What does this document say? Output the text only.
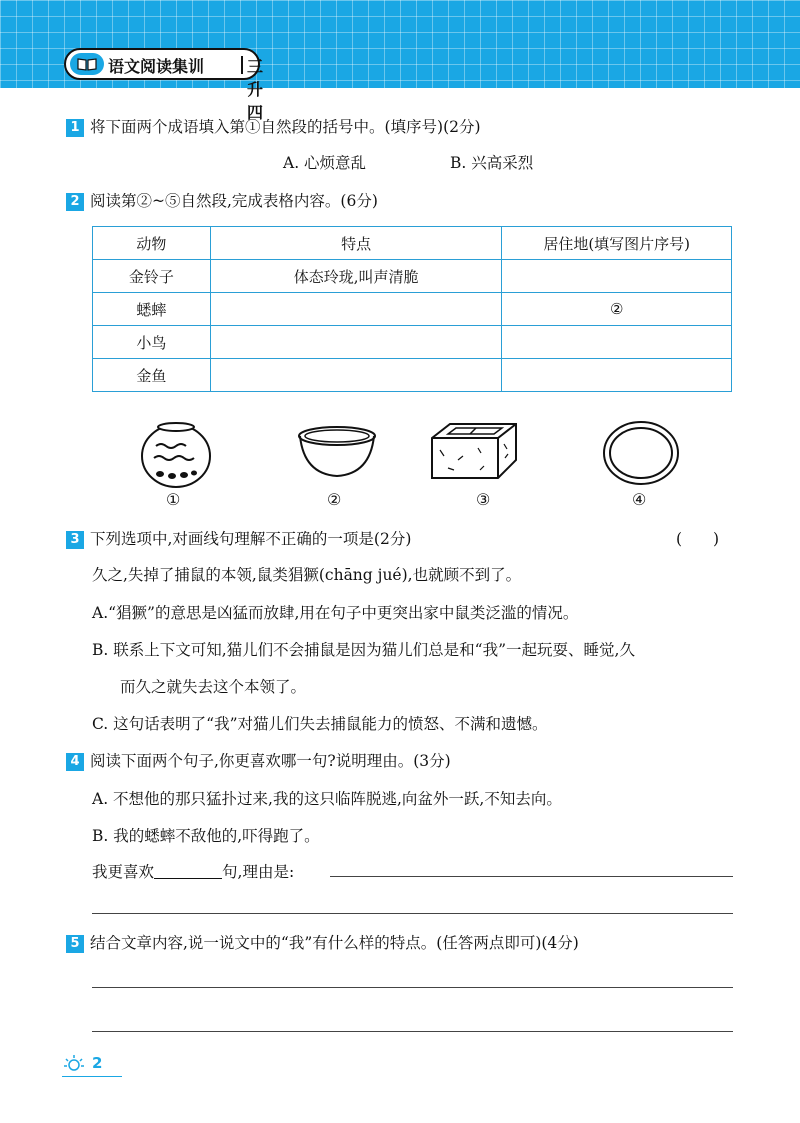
语文阅读集训	三升四
1 将下面两个成语填入第①自然段的括号中。(填序号)(2分)
A. 心烦意乱	B. 兴高采烈
2 阅读第②~⑤自然段,完成表格内容。(6分)
动物	特点	居住地(填写图片序号)
金铃子	体态玲珑,叫声清脆	
蟋蟀		②
小鸟		
金鱼		
①	②	③	④
3 下列选项中,对画线句理解不正确的一项是(2分)	(　　)
久之,失掉了捕鼠的本领,鼠类猖獗(chāng jué),也就顾不到了。
A.“猖獗”的意思是凶猛而放肆,用在句子中更突出家中鼠类泛滥的情况。
B. 联系上下文可知,猫儿们不会捕鼠是因为猫儿们总是和“我”一起玩耍、睡觉,久
而久之就失去这个本领了。
C. 这句话表明了“我”对猫儿们失去捕鼠能力的愤怒、不满和遗憾。
4 阅读下面两个句子,你更喜欢哪一句?说明理由。(3分)
A. 不想他的那只猛扑过来,我的这只临阵脱逃,向盆外一跃,不知去向。
B. 我的蟋蟀不敌他的,吓得跑了。
我更喜欢	句,理由是:
5 结合文章内容,说一说文中的“我”有什么样的特点。(任答两点即可)(4分)
2
